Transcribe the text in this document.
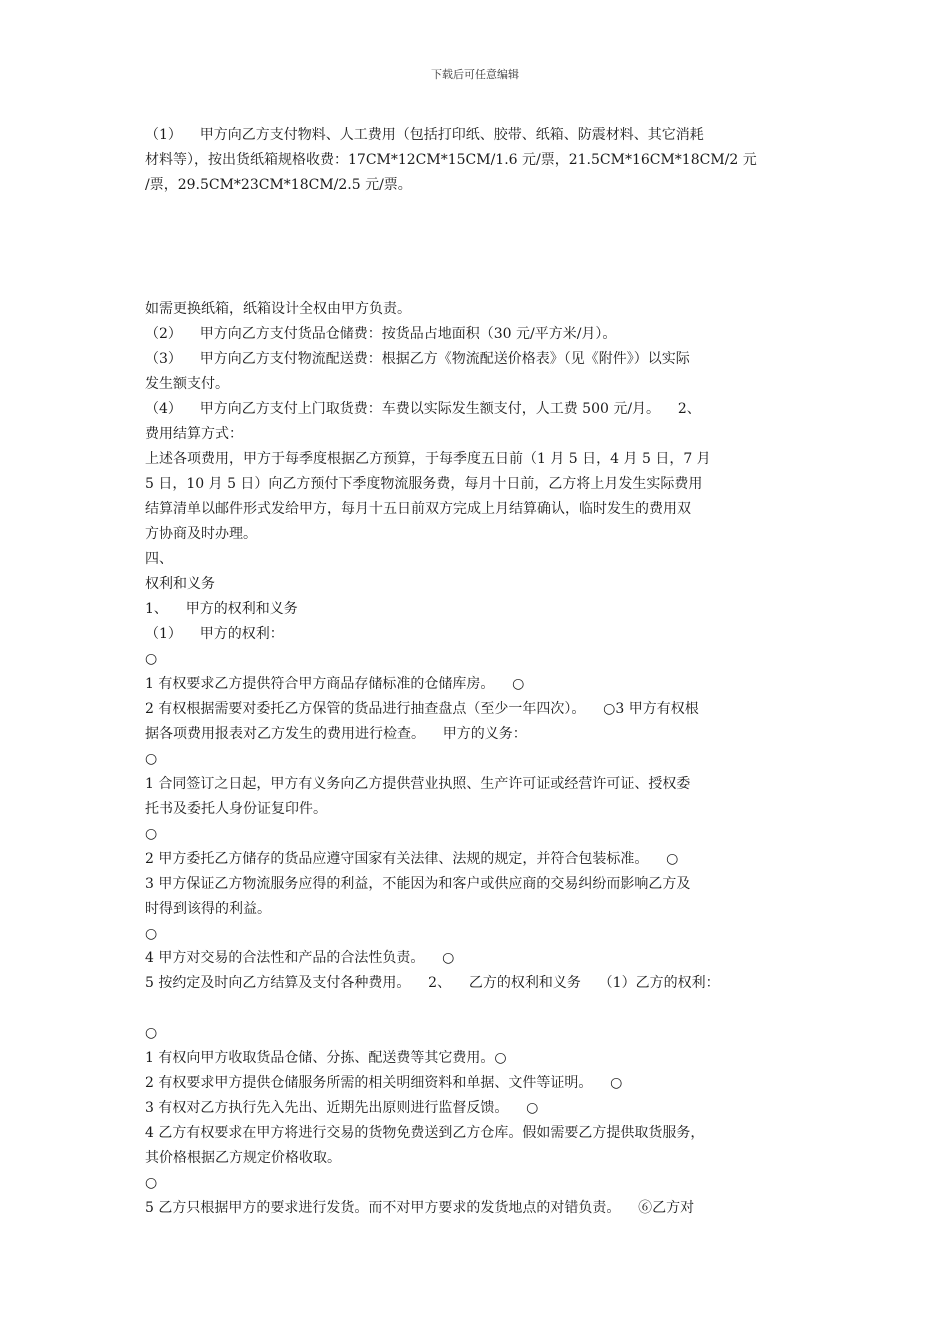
下载后可任意编辑
（1）    甲方向乙方支付物料、人工费用（包括打印纸、胶带、纸箱、防震材料、其它消耗
材料等），按出货纸箱规格收费：17CM*12CM*15CM/1.6 元/票，21.5CM*16CM*18CM/2 元
/票，29.5CM*23CM*18CM/2.5 元/票。
如需更换纸箱，纸箱设计全权由甲方负责。
（2）    甲方向乙方支付货品仓储费：按货品占地面积（30 元/平方米/月）。
（3）    甲方向乙方支付物流配送费：根据乙方《物流配送价格表》（见《附件》）以实际
发生额支付。
（4）    甲方向乙方支付上门取货费：车费以实际发生额支付，人工费 500 元/月。    2、
费用结算方式：
上述各项费用，甲方于每季度根据乙方预算，于每季度五日前（1 月 5 日，4 月 5 日，7 月
5 日，10 月 5 日）向乙方预付下季度物流服务费，每月十日前，乙方将上月发生实际费用
结算清单以邮件形式发给甲方，每月十五日前双方完成上月结算确认，临时发生的费用双
方协商及时办理。
四、
权利和义务
1、    甲方的权利和义务
（1）    甲方的权利：
○
1 有权要求乙方提供符合甲方商品存储标准的仓储库房。    ○
2 有权根据需要对委托乙方保管的货品进行抽查盘点（至少一年四次）。    ○3 甲方有权根
据各项费用报表对乙方发生的费用进行检查。    甲方的义务：
○
1 合同签订之日起，甲方有义务向乙方提供营业执照、生产许可证或经营许可证、授权委
托书及委托人身份证复印件。
○
2 甲方委托乙方储存的货品应遵守国家有关法律、法规的规定，并符合包装标准。    ○
3 甲方保证乙方物流服务应得的利益，不能因为和客户或供应商的交易纠纷而影响乙方及
时得到该得的利益。
○
4 甲方对交易的合法性和产品的合法性负责。    ○
5 按约定及时向乙方结算及支付各种费用。    2、    乙方的权利和义务    （1）乙方的权利：
○
1 有权向甲方收取货品仓储、分拣、配送费等其它费用。○
2 有权要求甲方提供仓储服务所需的相关明细资料和单据、文件等证明。    ○
3 有权对乙方执行先入先出、近期先出原则进行监督反馈。    ○
4 乙方有权要求在甲方将进行交易的货物免费送到乙方仓库。假如需要乙方提供取货服务，
其价格根据乙方规定价格收取。
○
5 乙方只根据甲方的要求进行发货。而不对甲方要求的发货地点的对错负责。    ⑥乙方对
